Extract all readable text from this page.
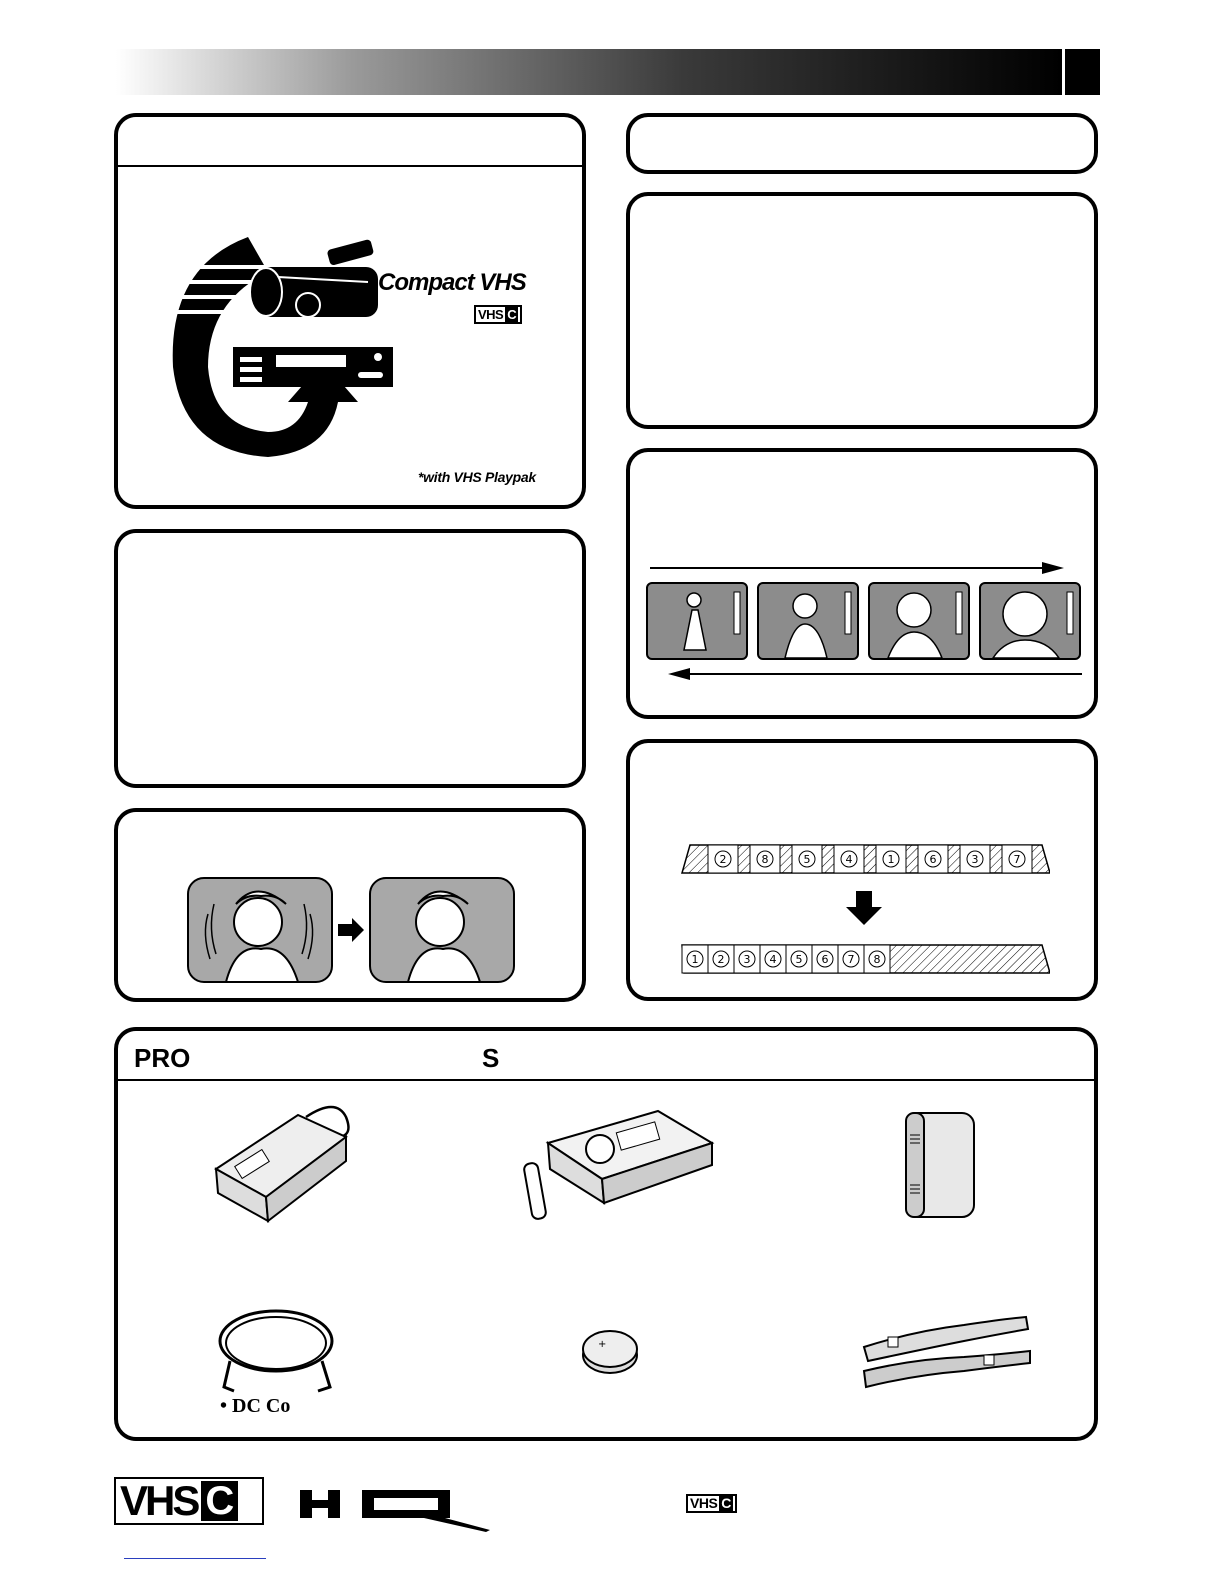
Compact VHS
VHS C
*with VHS Playpak
2	8	5	4	1	6	3	7
1 2 3 4 5 6 7 8
PRO	S
• DC Co
+
VHS C	VHS C
